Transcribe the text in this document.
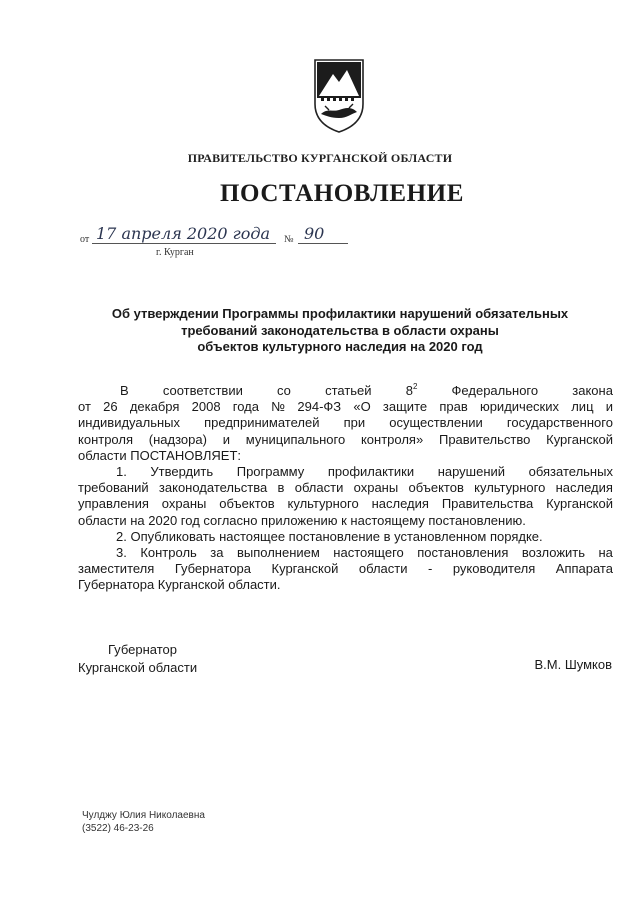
ПРАВИТЕЛЬСТВО КУРГАНСКОЙ ОБЛАСТИ
ПОСТАНОВЛЕНИЕ
от 17 апреля 2020 года № 90
г. Курган
Об утверждении Программы профилактики нарушений обязательных
требований законодательства в области охраны
объектов культурного наследия на 2020 год
В	соответствии	со	статьей	$8^2$	Федерального	закона
от 26 декабря 2008 года № 294-ФЗ «О защите прав юридических лиц и
индивидуальных предпринимателей при осуществлении государственного
контроля (надзора) и муниципального контроля» Правительство Курганской
области ПОСТАНОВЛЯЕТ:
1. Утвердить Программу профилактики нарушений обязательных
требований законодательства в области охраны объектов культурного наследия
управления охраны объектов культурного наследия Правительства Курганской
области на 2020 год согласно приложению к настоящему постановлению.
2. Опубликовать настоящее постановление в установленном порядке.
3. Контроль за выполнением настоящего постановления возложить на
заместителя Губернатора Курганской области - руководителя Аппарата
Губернатора Курганской области.
Губернатор
Курганской области	В.М. Шумков
Чулджу Юлия Николаевна
(3522) 46-23-26
